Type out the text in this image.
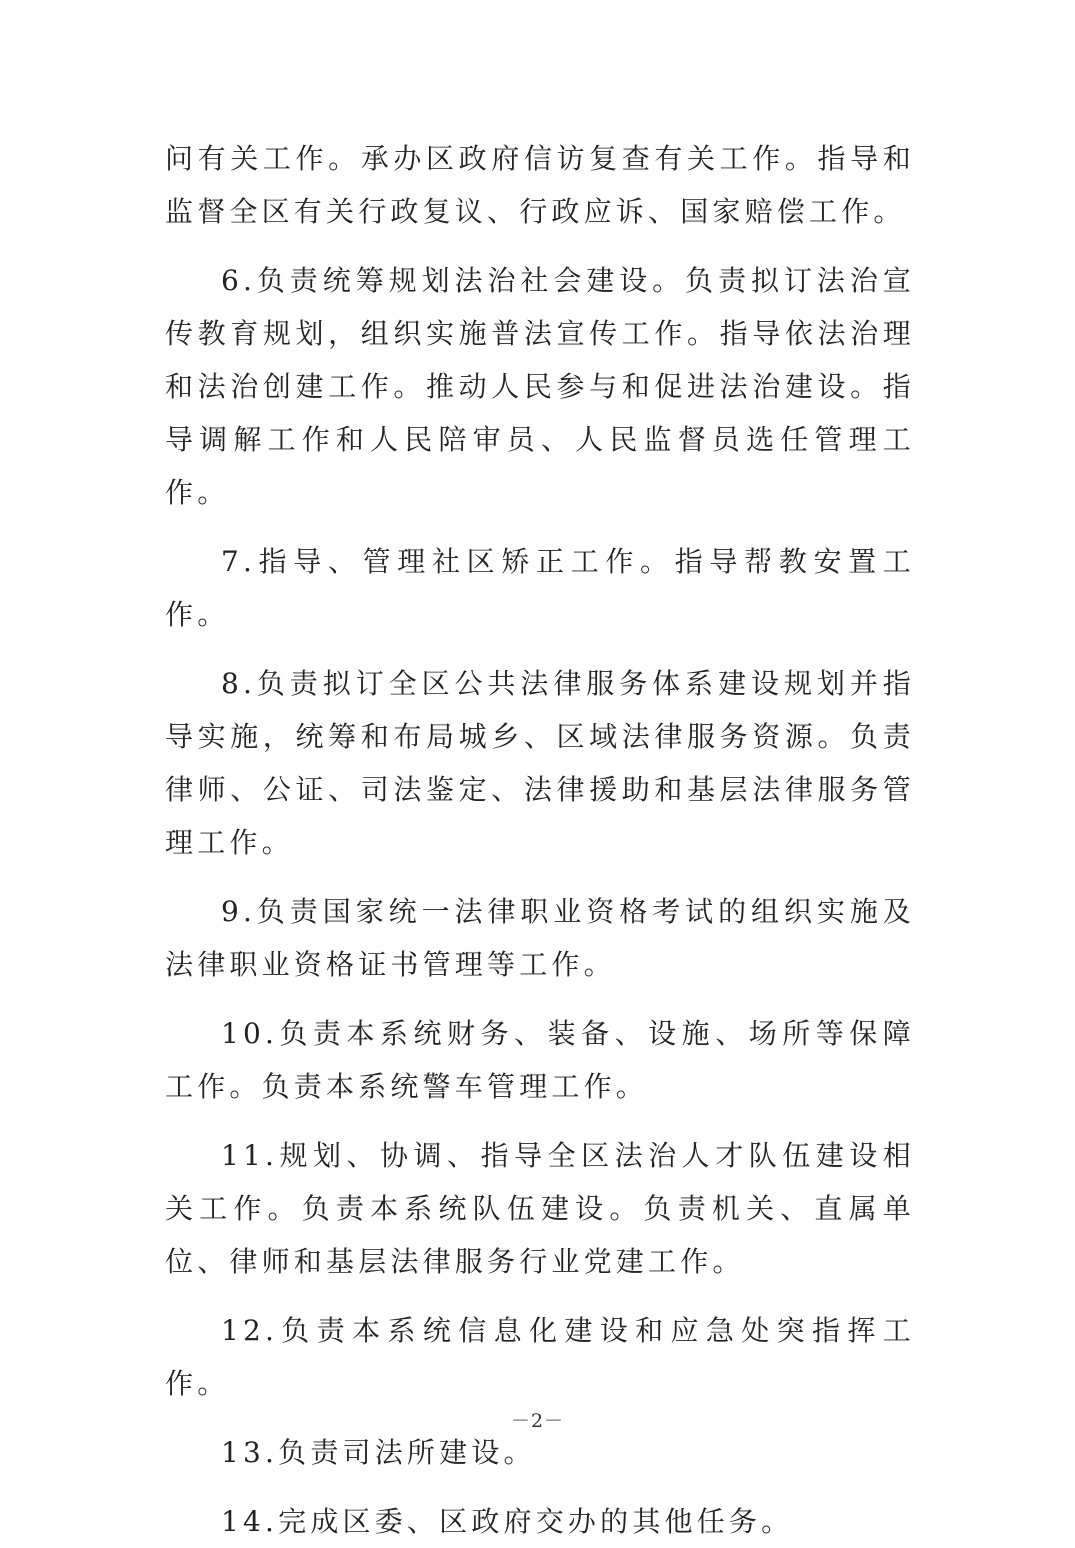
问有关工作。承办区政府信访复查有关工作。指导和监督全区有关行政复议、行政应诉、国家赔偿工作。

6.负责统筹规划法治社会建设。负责拟订法治宣传教育规划，组织实施普法宣传工作。指导依法治理和法治创建工作。推动人民参与和促进法治建设。指导调解工作和人民陪审员、人民监督员选任管理工作。

7.指导、管理社区矫正工作。指导帮教安置工作。

8.负责拟订全区公共法律服务体系建设规划并指导实施，统筹和布局城乡、区域法律服务资源。负责律师、公证、司法鉴定、法律援助和基层法律服务管理工作。

9.负责国家统一法律职业资格考试的组织实施及法律职业资格证书管理等工作。

10.负责本系统财务、装备、设施、场所等保障工作。负责本系统警车管理工作。

11.规划、协调、指导全区法治人才队伍建设相关工作。负责本系统队伍建设。负责机关、直属单位、律师和基层法律服务行业党建工作。

12.负责本系统信息化建设和应急处突指挥工作。

13.负责司法所建设。

14.完成区委、区政府交办的其他任务。

－2－
